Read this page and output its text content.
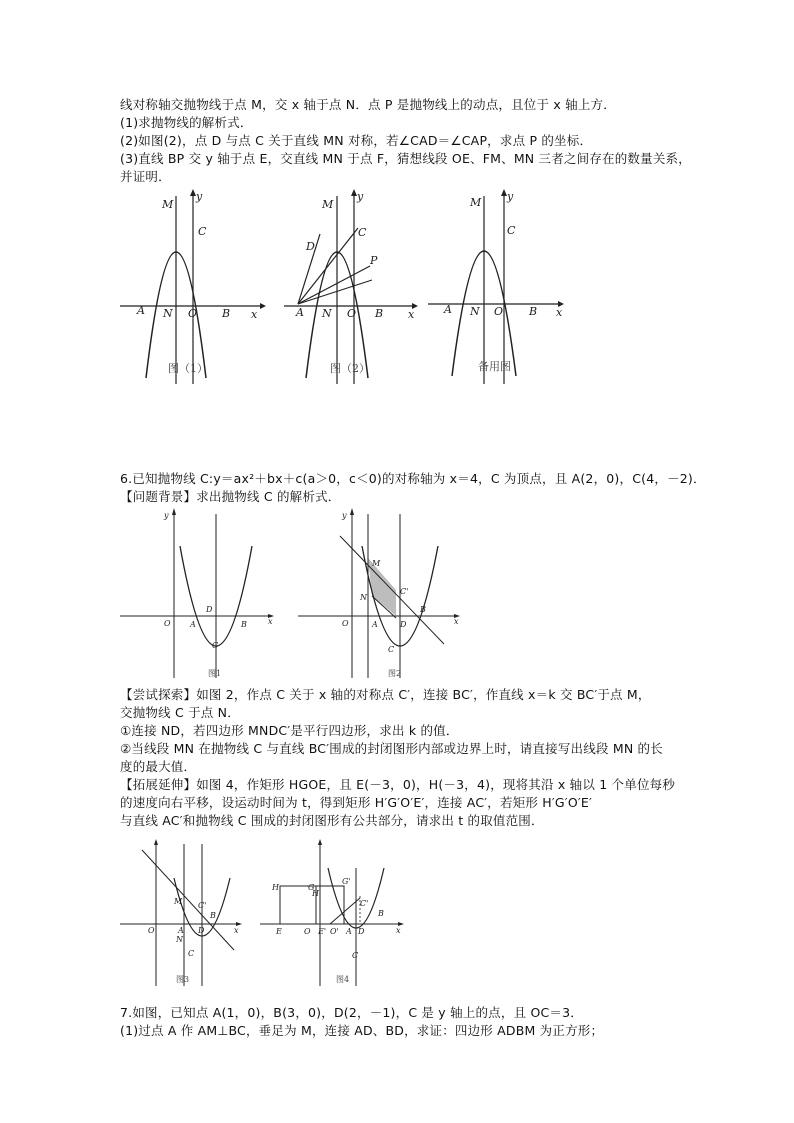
线对称轴交抛物线于点 M，交 x 轴于点 N．点 P 是抛物线上的动点，且位于 x 轴上方．
(1)求抛物线的解析式．
(2)如图(2)，点 D 与点 C 关于直线 MN 对称，若∠CAD＝∠CAP，求点 P 的坐标．
(3)直线 BP 交 y 轴于点 E，交直线 MN 于点 F，猜想线段 OE、FM、MN 三者之间存在的数量关系，
并证明．
M
y
C
A N O B x
图（1）
M
y
D
C
P
A N O B x
图（2）
M y
C
A N O B x
备用图
6.已知抛物线 C:y＝ax²＋bx＋c(a＞0，c＜0)的对称轴为 x＝4，C 为顶点，且 A(2，0)，C(4，－2)．
【问题背景】求出抛物线 C 的解析式．
y
x
O A
D
B
C
图1
y
x
O
M
N
C'
A	D
B
C
图2
【尝试探索】如图 2，作点 C 关于 x 轴的对称点 C′，连接 BC′，作直线 x＝k 交 BC′于点 M，
交抛物线 C 于点 N．
①连接 ND，若四边形 MNDC′是平行四边形，求出 k 的值．
②当线段 MN 在抛物线 C 与直线 BC′围成的封闭图形内部或边界上时，请直接写出线段 MN 的长
度的最大值．
【拓展延伸】如图 4，作矩形 HGOE，且 E(－3，0)，H(－3，4)，现将其沿 x 轴以 1 个单位每秒
的速度向右平移，设运动时间为 t，得到矩形 H′G′O′E′，连接 AC′，若矩形 H′G′O′E′
与直线 AC′和抛物线 C 围成的封闭图形有公共部分，请求出 t 的取值范围．
M C'
B
O	A D
N
C
x
图3
H	G
E
H'
G'
O E' O' A
C'
D
B
C
x
图4
7.如图，已知点 A(1，0)，B(3，0)，D(2，－1)，C 是 y 轴上的点，且 OC＝3．
(1)过点 A 作 AM⊥BC，垂足为 M，连接 AD、BD，求证：四边形 ADBM 为正方形；
